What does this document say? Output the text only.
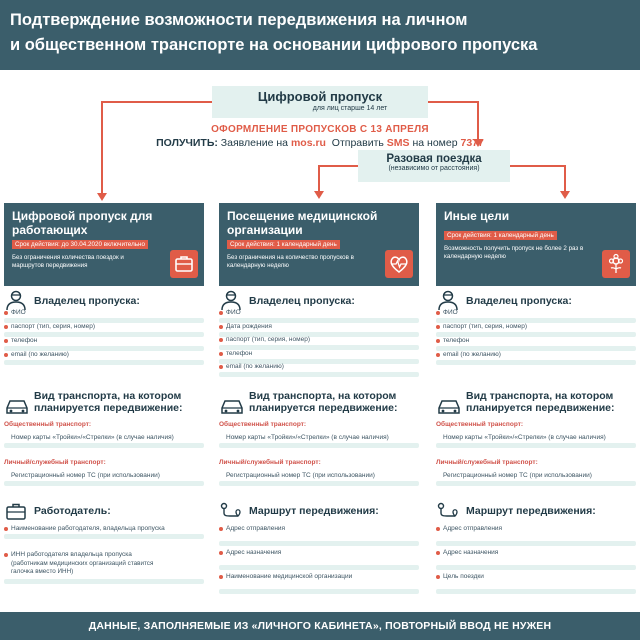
Подтверждение возможности передвижения на личном
и общественном транспорте на основании цифрового пропуска
Цифровой пропуск
для лиц старше 14 лет
ОФОРМЛЕНИЕ ПРОПУСКОВ С 13 АПРЕЛЯ
ПОЛУЧИТЬ: Заявление на mos.ru Отправить SMS на номер 7377
Разовая поездка
(независимо от расстояния)
Цифровой пропуск для работающих
Срок действия: до 30.04.2020 включительно
Без ограничения количества поездок и маршрутов передвижения
Владелец пропуска:
ФИО
паспорт (тип, серия, номер)
телефон
email (по желанию)
Вид транспорта, на котором планируется передвижение:
Общественный транспорт:
Номер карты «Тройки»/«Стрелки» (в случае наличия)
Личный/служебный транспорт:
Регистрационный номер ТС (при использовании)
Работодатель:
Наименование работодателя, владельца пропуска
ИНН работодателя владельца пропуска
(работникам медицинских организаций ставится
галочка вместо ИНН)
Посещение медицинской организации
Срок действия: 1 календарный день
Без ограничения на количество пропусков в календарную неделю
Владелец пропуска:
ФИО
Дата рождения
паспорт (тип, серия, номер)
телефон
email (по желанию)
Вид транспорта, на котором планируется передвижение:
Общественный транспорт:
Номер карты «Тройки»/«Стрелки» (в случае наличия)
Личный/служебный транспорт:
Регистрационный номер ТС (при использовании)
Маршрут передвижения:
Адрес отправления
Адрес назначения
Наименование медицинской организации
Иные цели
Срок действия: 1 календарный день
Возможность получить пропуск не более 2 раз в календарную неделю
Владелец пропуска:
ФИО
паспорт (тип, серия, номер)
телефон
email (по желанию)
Вид транспорта, на котором планируется передвижение:
Общественный транспорт:
Номер карты «Тройки»/«Стрелки» (в случае наличия)
Личный/служебный транспорт:
Регистрационный номер ТС (при использовании)
Маршрут передвижения:
Адрес отправления
Адрес назначения
Цель поездки
ДАННЫЕ, ЗАПОЛНЯЕМЫЕ ИЗ «ЛИЧНОГО КАБИНЕТА», ПОВТОРНЫЙ ВВОД НЕ НУЖЕН
